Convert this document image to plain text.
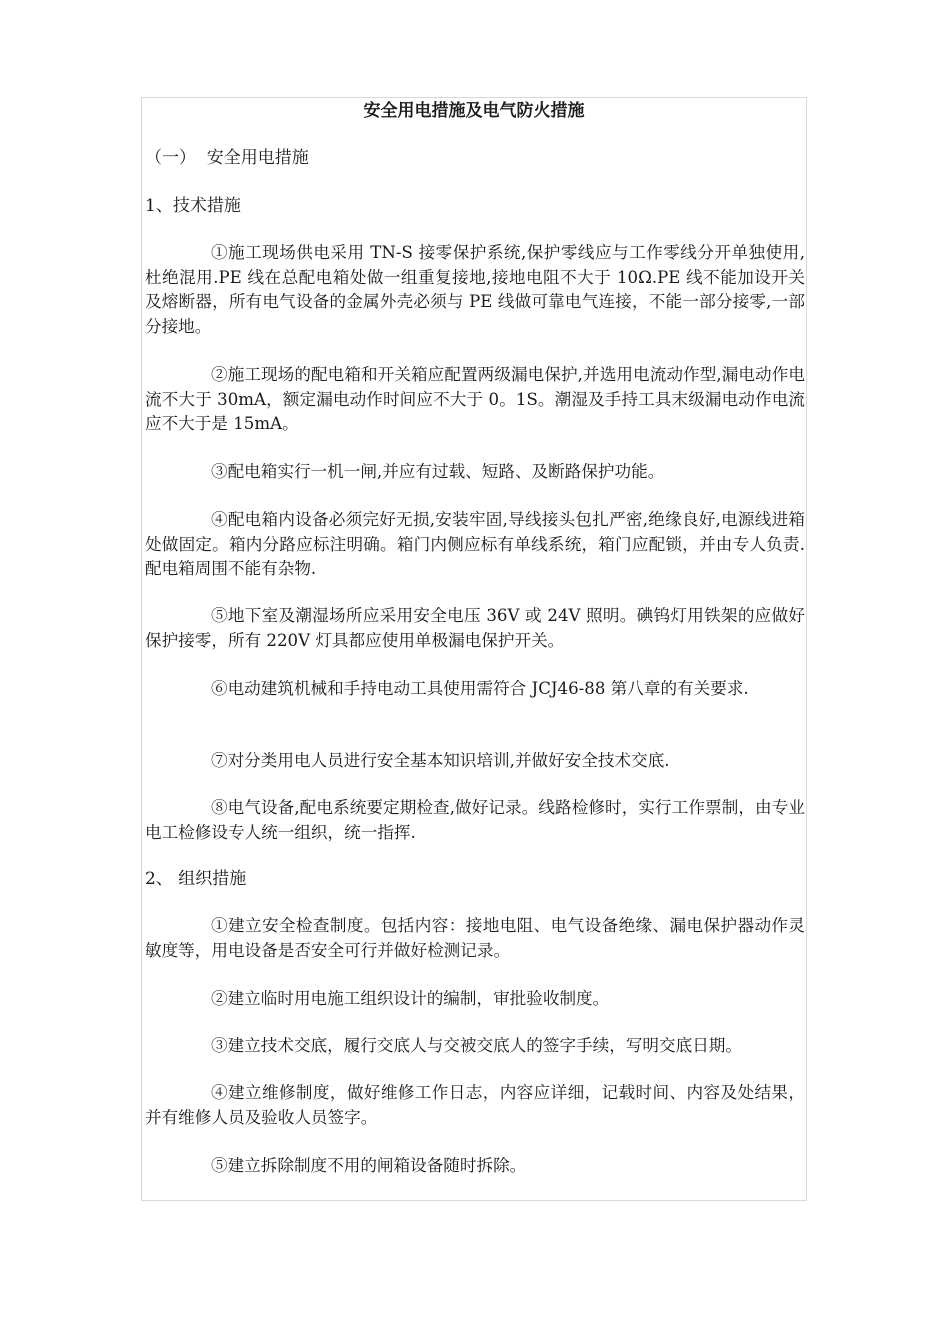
安全用电措施及电气防火措施

（一）  安全用电措施

1、技术措施

①施工现场供电采用 TN-S 接零保护系统,保护零线应与工作零线分开单独使用,杜绝混用.PE 线在总配电箱处做一组重复接地,接地电阻不大于 10Ω.PE 线不能加设开关及熔断器，所有电气设备的金属外壳必须与 PE 线做可靠电气连接，不能一部分接零,一部分接地。

②施工现场的配电箱和开关箱应配置两级漏电保护,并选用电流动作型,漏电动作电流不大于 30mA，额定漏电动作时间应不大于 0。1S。潮湿及手持工具末级漏电动作电流应不大于是 15mA。

③配电箱实行一机一闸,并应有过载、短路、及断路保护功能。

④配电箱内设备必须完好无损,安装牢固,导线接头包扎严密,绝缘良好,电源线进箱处做固定。箱内分路应标注明确。箱门内侧应标有单线系统，箱门应配锁，并由专人负责.配电箱周围不能有杂物.

⑤地下室及潮湿场所应采用安全电压 36V 或 24V 照明。碘钨灯用铁架的应做好保护接零，所有 220V 灯具都应使用单极漏电保护开关。

⑥电动建筑机械和手持电动工具使用需符合 JCJ46-88 第八章的有关要求.

⑦对分类用电人员进行安全基本知识培训,并做好安全技术交底.

⑧电气设备,配电系统要定期检查,做好记录。线路检修时，实行工作票制，由专业电工检修设专人统一组织，统一指挥.

2、 组织措施

①建立安全检查制度。包括内容：接地电阻、电气设备绝缘、漏电保护器动作灵敏度等，用电设备是否安全可行并做好检测记录。

②建立临时用电施工组织设计的编制，审批验收制度。

③建立技术交底，履行交底人与交被交底人的签字手续，写明交底日期。

④建立维修制度，做好维修工作日志，内容应详细，记载时间、内容及处结果，并有维修人员及验收人员签字。

⑤建立拆除制度不用的闸箱设备随时拆除。
